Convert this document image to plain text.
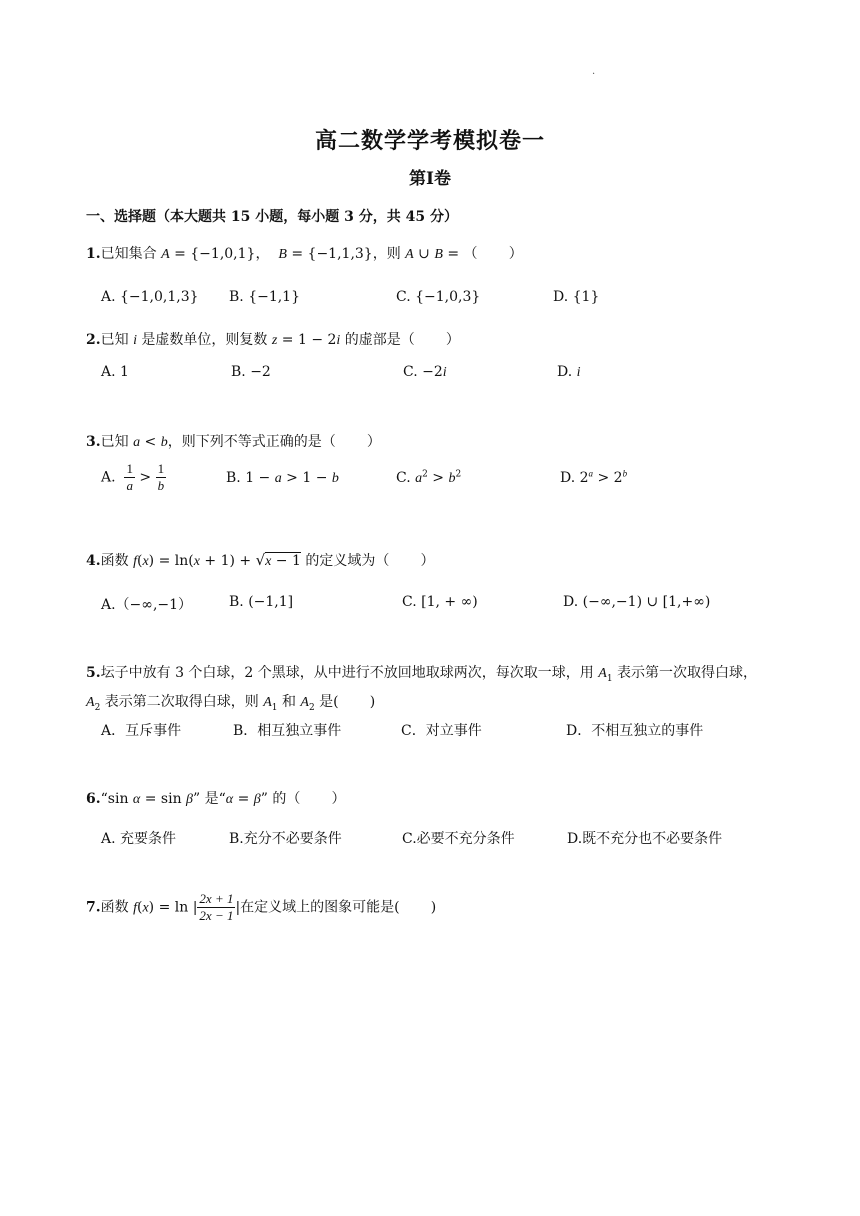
.
高二数学学考模拟卷一
第Ⅰ卷
一、选择题（本大题共 15 小题，每小题 3 分，共 45 分）
1.已知集合 A = {−1,0,1}，  B = {−1,1,3}，则 A ∪ B = （       ）
A. {−1,0,1,3} B. {−1,1}	C. {−1,0,3}	D. {1}
2.已知 i 是虚数单位，则复数 z = 1 − 2i 的虚部是（       ）
A. 1	B. −2	C. −2i	D. i
3.已知 a < b，则下列不等式正确的是（       ）
A. $\frac{1}{a} > \frac{1}{b}$	B. 1 − a > 1 − b	C. $a^2 > b^2$	D. $2^a > 2^b$
4.函数 f(x) = ln(x + 1) + √x − 1 的定义域为（       ）
A.（−∞,−1）	B. (−1,1]	C. [1, + ∞)	D. (−∞,−1) ∪ [1,+∞)
5.坛子中放有 3 个白球，2 个黑球，从中进行不放回地取球两次，每次取一球，用 $A_1$ 表示第一次取得白球，
$A_2$ 表示第二次取得白球，则 $A_1$ 和 $A_2$ 是(       )
A．互斥事件	B．相互独立事件	C．对立事件	D．不相互独立的事件
6.“sin α = sin β” 是“α = β” 的（       ）
A. 充要条件	B.充分不必要条件	C.必要不充分条件	D.既不充分也不必要条件
7.函数 f(x) = ln | $\frac{2x + 1}{2x - 1}$ |在定义域上的图象可能是(       )
